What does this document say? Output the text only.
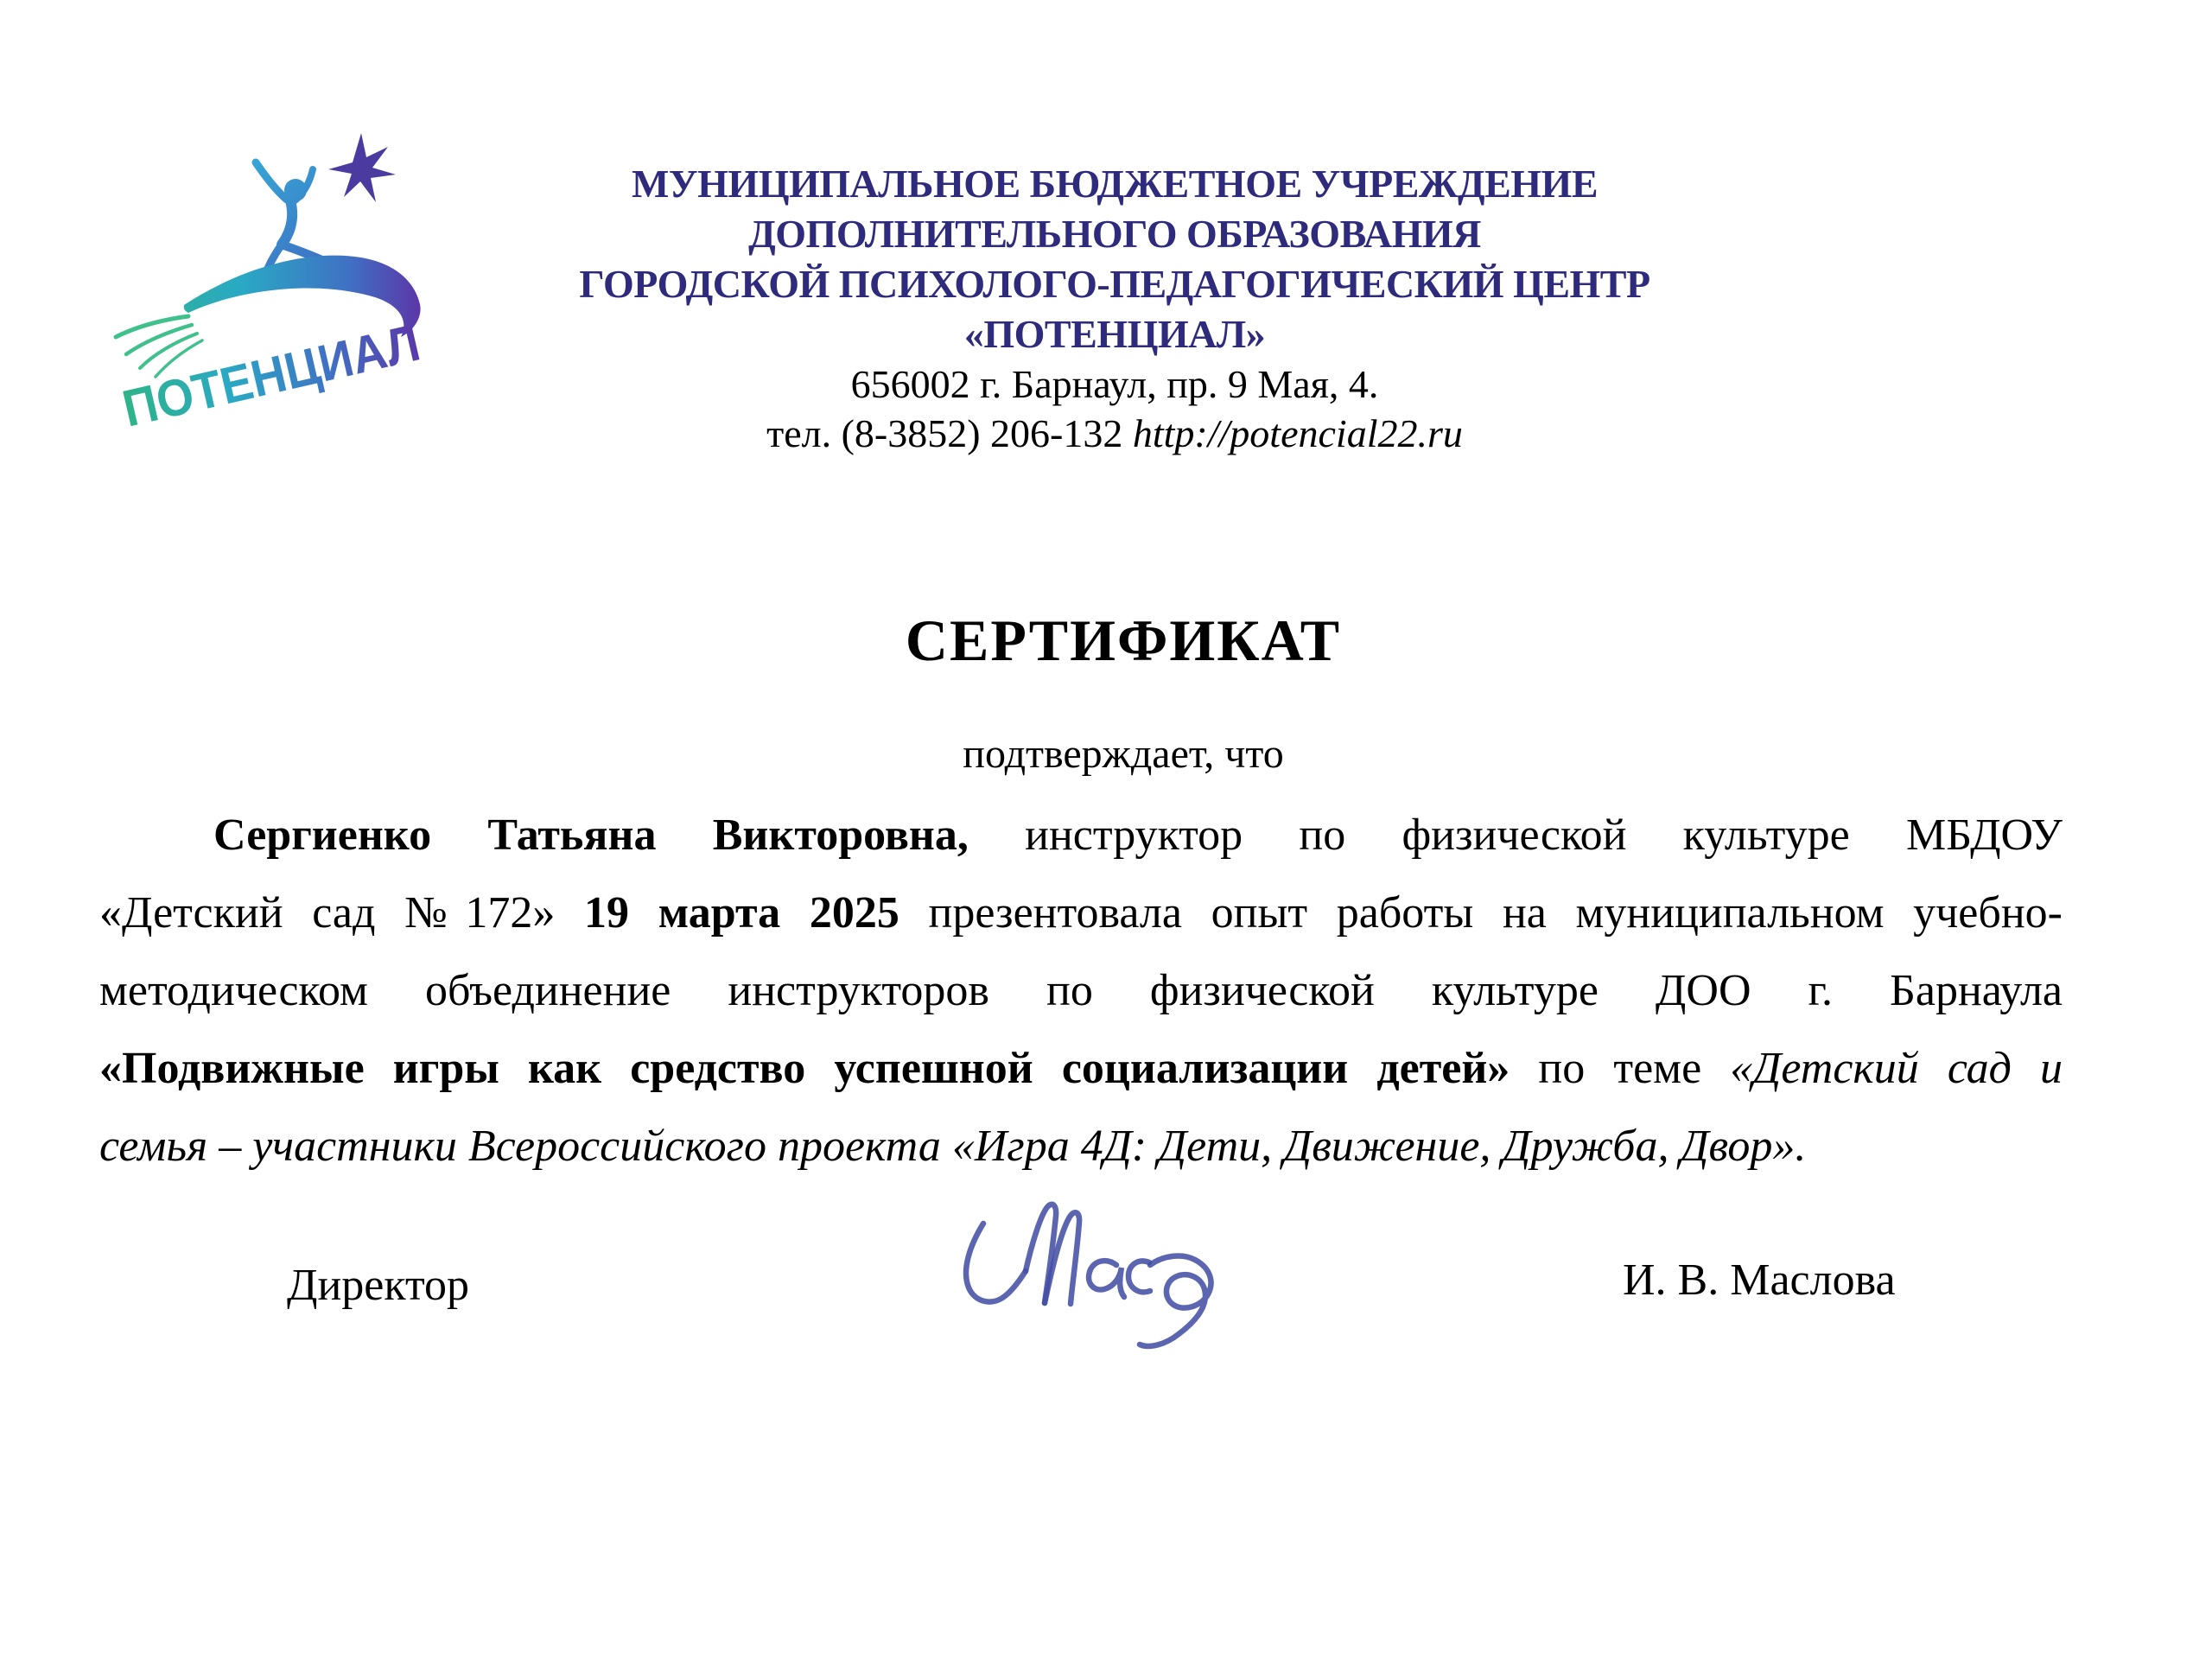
ПОТЕНЦИАЛ
МУНИЦИПАЛЬНОЕ БЮДЖЕТНОЕ УЧРЕЖДЕНИЕ
ДОПОЛНИТЕЛЬНОГО ОБРАЗОВАНИЯ
ГОРОДСКОЙ ПСИХОЛОГО-ПЕДАГОГИЧЕСКИЙ ЦЕНТР
«ПОТЕНЦИАЛ»
656002 г. Барнаул, пр. 9 Мая, 4.
тел. (8-3852) 206-132 http://potencial22.ru
СЕРТИФИКАТ
подтверждает, что
Сергиенко Татьяна Викторовна, инструктор по физической культуре МБДОУ
«Детский сад №172» 19 марта 2025 презентовала опыт работы на муниципальном учебно-
методическом объединение инструкторов по физической культуре ДОО г. Барнаула
«Подвижные игры как средство успешной социализации детей» по теме «Детский сад и
семья – участники Всероссийского проекта «Игра 4Д: Дети, Движение, Дружба, Двор».
Директор	И. В. Маслова
